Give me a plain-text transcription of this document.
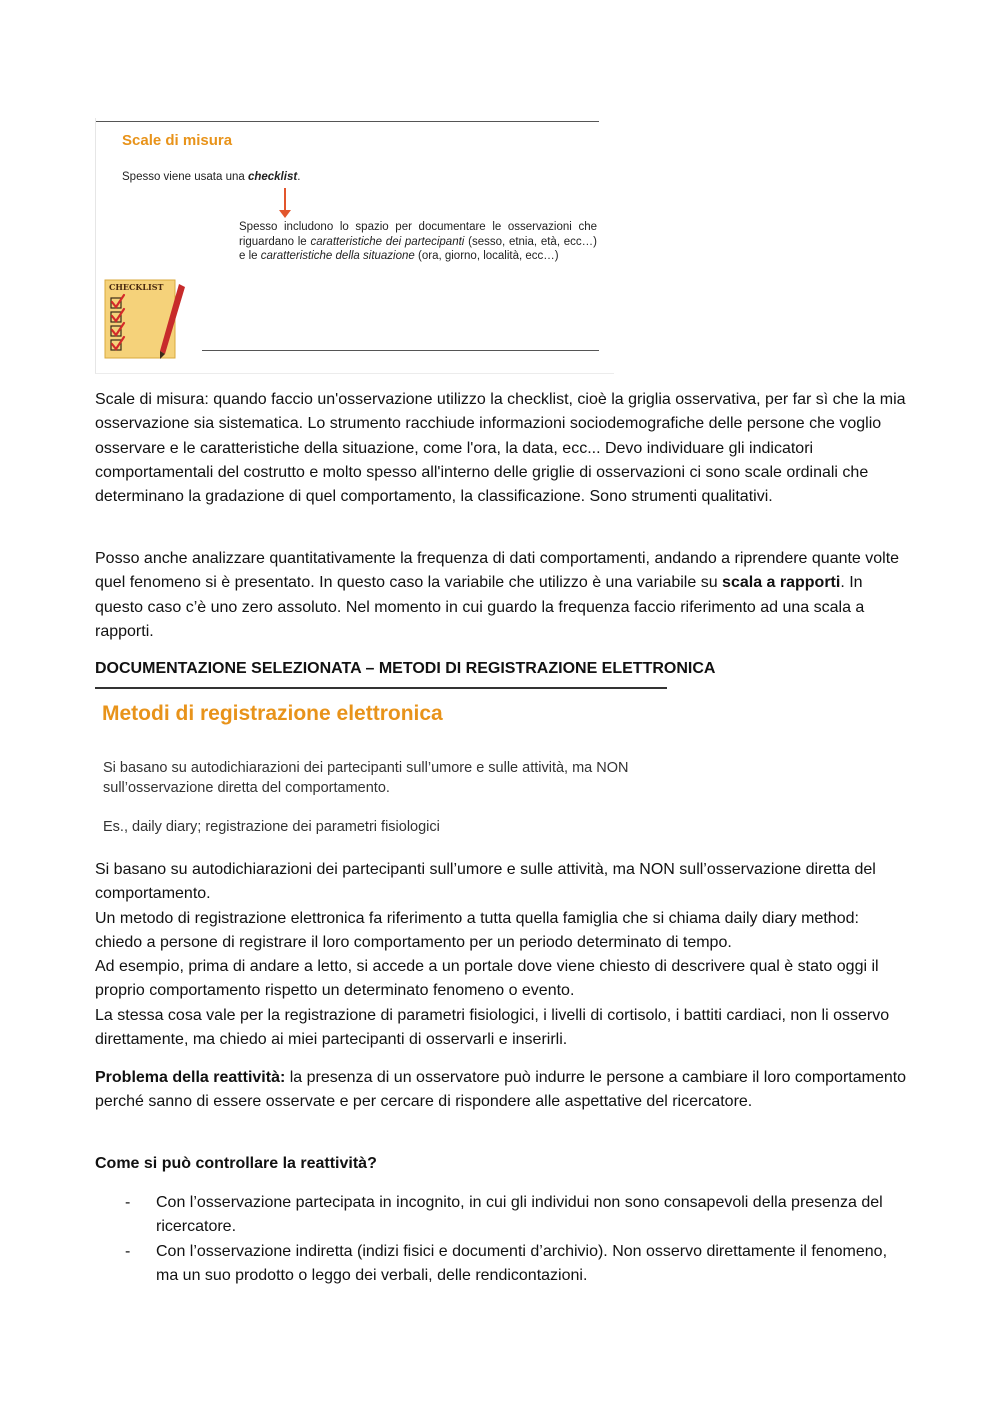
Scale di misura
Spesso viene usata una checklist.
Spesso includono lo spazio per documentare le osservazioni che riguardano le caratteristiche dei partecipanti (sesso, etnia, età, ecc…) e le caratteristiche della situazione (ora, giorno, località, ecc…)
CHECKLIST
Scale di misura: quando faccio un'osservazione utilizzo la checklist, cioè la griglia osservativa, per far sì che la mia osservazione sia sistematica. Lo strumento racchiude informazioni sociodemografiche delle persone che voglio osservare e le caratteristiche della situazione, come l'ora, la data, ecc... Devo individuare gli indicatori comportamentali del costrutto e molto spesso all'interno delle griglie di osservazioni ci sono scale ordinali che determinano la gradazione di quel comportamento, la classificazione. Sono strumenti qualitativi.
Posso anche analizzare quantitativamente la frequenza di dati comportamenti, andando a riprendere quante volte quel fenomeno si è presentato. In questo caso la variabile che utilizzo è una variabile su scala a rapporti. In questo caso c’è uno zero assoluto. Nel momento in cui guardo la frequenza faccio riferimento ad una scala a rapporti.
DOCUMENTAZIONE SELEZIONATA – METODI DI REGISTRAZIONE ELETTRONICA
Metodi di registrazione elettronica
Si basano su autodichiarazioni dei partecipanti sull’umore e sulle attività, ma NON sull’osservazione diretta del comportamento.
Es., daily diary; registrazione dei parametri fisiologici
Si basano su autodichiarazioni dei partecipanti sull’umore e sulle attività, ma NON sull’osservazione diretta del comportamento.
Un metodo di registrazione elettronica fa riferimento a tutta quella famiglia che si chiama daily diary method: chiedo a persone di registrare il loro comportamento per un periodo determinato di tempo.
Ad esempio, prima di andare a letto, si accede a un portale dove viene chiesto di descrivere qual è stato oggi il proprio comportamento rispetto un determinato fenomeno o evento.
La stessa cosa vale per la registrazione di parametri fisiologici, i livelli di cortisolo, i battiti cardiaci, non li osservo direttamente, ma chiedo ai miei partecipanti di osservarli e inserirli.
Problema della reattività: la presenza di un osservatore può indurre le persone a cambiare il loro comportamento perché sanno di essere osservate e per cercare di rispondere alle aspettative del ricercatore.
Come si può controllare la reattività?
- Con l’osservazione partecipata in incognito, in cui gli individui non sono consapevoli della presenza del ricercatore.
- Con l’osservazione indiretta (indizi fisici e documenti d’archivio). Non osservo direttamente il fenomeno, ma un suo prodotto o leggo dei verbali, delle rendicontazioni.
